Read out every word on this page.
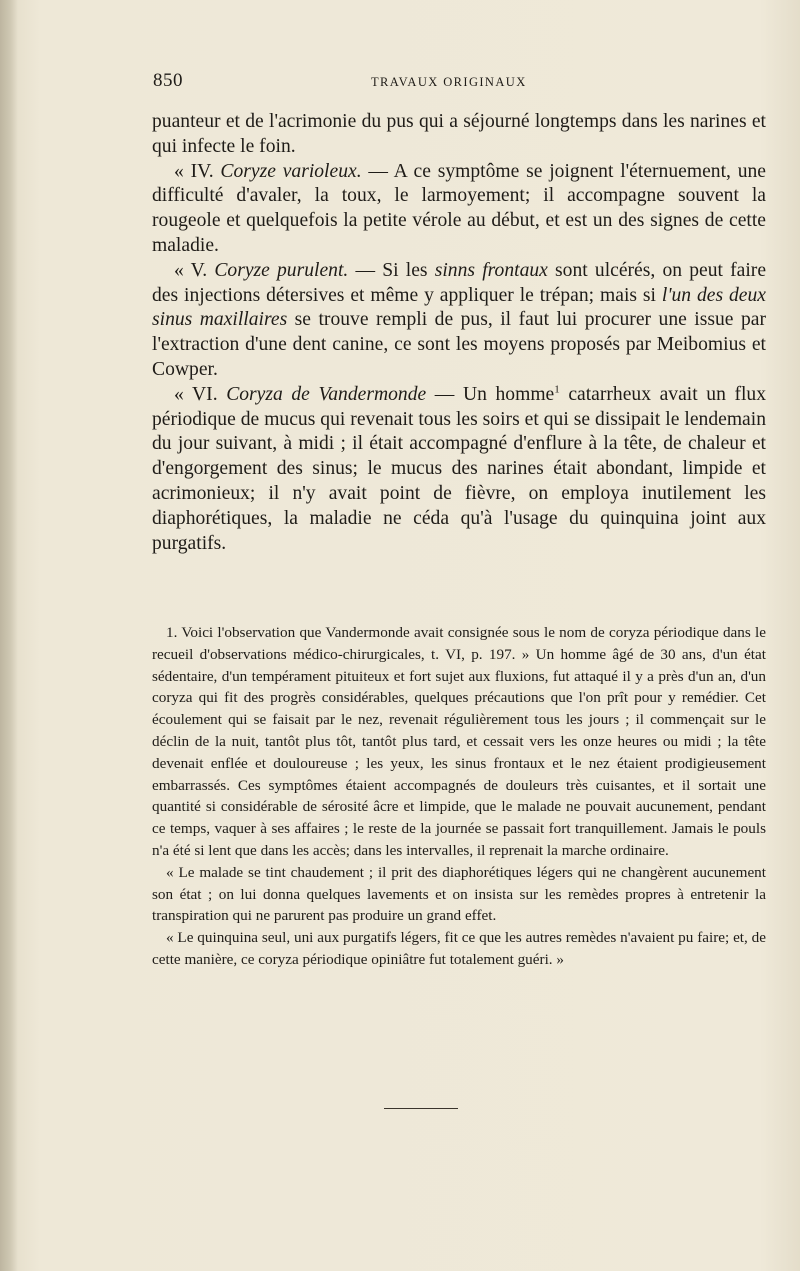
850	TRAVAUX ORIGINAUX

puanteur et de l'acrimonie du pus qui a séjourné longtemps dans les narines et qui infecte le foin.

« IV. Coryze varioleux. — A ce symptôme se joignent l'éternuement, une difficulté d'avaler, la toux, le larmoyement; il accompagne souvent la rougeole et quelquefois la petite vérole au début, et est un des signes de cette maladie.

« V. Coryze purulent. — Si les sinns frontaux sont ulcérés, on peut faire des injections détersives et même y appliquer le trépan; mais si l'un des deux sinus maxillaires se trouve rempli de pus, il faut lui procurer une issue par l'extraction d'une dent canine, ce sont les moyens proposés par Meibomius et Cowper.

« VI. Coryza de Vandermonde — Un homme$^1$ catarrheux avait un flux périodique de mucus qui revenait tous les soirs et qui se dissipait le lendemain du jour suivant, à midi ; il était accompagné d'enflure à la tête, de chaleur et d'engorgement des sinus; le mucus des narines était abondant, limpide et acrimonieux; il n'y avait point de fièvre, on employa inutilement les diaphorétiques, la maladie ne céda qu'à l'usage du quinquina joint aux purgatifs.

1. Voici l'observation que Vandermonde avait consignée sous le nom de coryza périodique dans le recueil d'observations médico-chirurgicales, t. VI, p. 197. » Un homme âgé de 30 ans, d'un état sédentaire, d'un tempérament pituiteux et fort sujet aux fluxions, fut attaqué il y a près d'un an, d'un coryza qui fit des progrès considérables, quelques précautions que l'on prît pour y remédier. Cet écoulement qui se faisait par le nez, revenait régulièrement tous les jours ; il commençait sur le déclin de la nuit, tantôt plus tôt, tantôt plus tard, et cessait vers les onze heures ou midi ; la tête devenait enflée et douloureuse ; les yeux, les sinus frontaux et le nez étaient prodigieusement embarrassés. Ces symptômes étaient accompagnés de douleurs très cuisantes, et il sortait une quantité si considérable de sérosité âcre et limpide, que le malade ne pouvait aucunement, pendant ce temps, vaquer à ses affaires ; le reste de la journée se passait fort tranquillement. Jamais le pouls n'a été si lent que dans les accès; dans les intervalles, il reprenait la marche ordinaire.

« Le malade se tint chaudement ; il prit des diaphorétiques légers qui ne changèrent aucunement son état ; on lui donna quelques lavements et on insista sur les remèdes propres à entretenir la transpiration qui ne parurent pas produire un grand effet.

« Le quinquina seul, uni aux purgatifs légers, fit ce que les autres remèdes n'avaient pu faire; et, de cette manière, ce coryza périodique opiniâtre fut totalement guéri. »
